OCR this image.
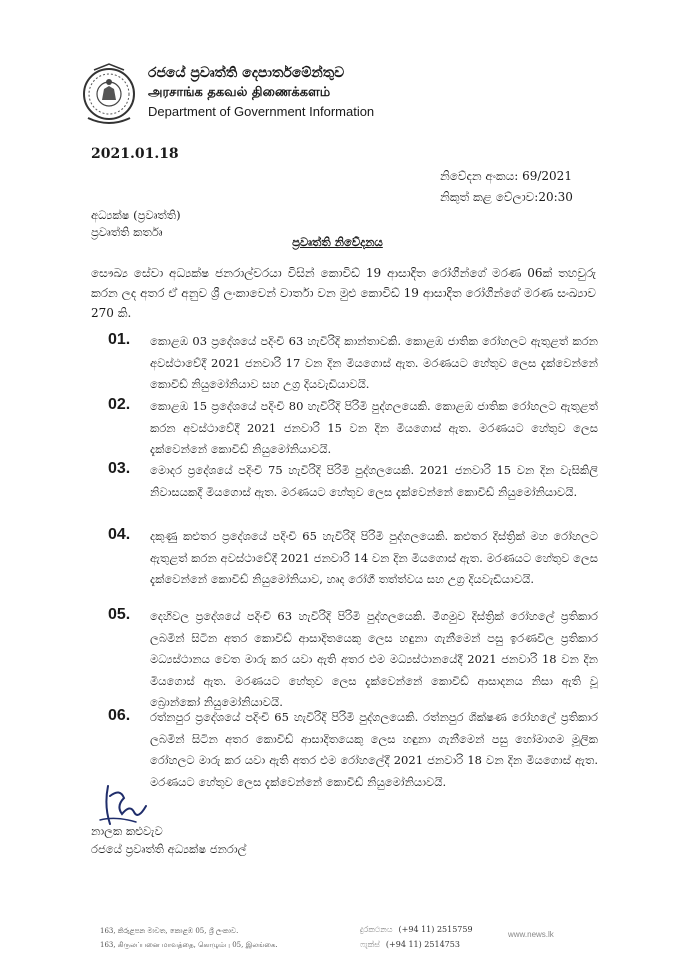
රජයේ ප්‍රවෘත්ති දෙපාර්තමේන්තුව
அரசாங்க தகவல் திணைக்களம்
Department of Government Information
2021.01.18
නිවේදන අංකය: 69/2021
නිකුත් කළ වේලාව:20:30
අධ්‍යක්ෂ (ප්‍රවෘත්ති)
ප්‍රවෘත්ති කර්තෘ
ප්‍රවෘත්ති නිවේදනය
සෞඛ්‍ය සේවා අධ්‍යක්ෂ ජනරාල්වරයා විසින් කොවිඩ් 19 ආසාදිත රෝගීන්ගේ මරණ 06ක් තහවුරු කරන ලද අතර ඒ අනුව ශ්‍රී ලංකාවෙන් වාර්තා වන මුළු කොවිඩ් 19 ආසාදිත රෝගීන්ගේ මරණ සංඛ්‍යාව 270 කි.
01. කොළඹ 03 ප්‍රදේශයේ පදිංචි 63 හැවිරිදි කාන්තාවකි. කොළඹ ජාතික රෝහලට ඇතුළත් කරන අවස්ථාවේදී 2021 ජනවාරි 17 වන දින මියගොස් ඇත. මරණයට හේතුව ලෙස දැක්වෙන්නේ කොවිඩ් නියුමෝනියාව සහ උග්‍ර දියවැඩියාවයි.
02. කොළඹ 15 ප්‍රදේශයේ පදිංචි 80 හැවිරිදි පිරිමි පුද්ගලයෙකි. කොළඹ ජාතික රෝහලට ඇතුළත් කරන අවස්ථාවේදී 2021 ජනවාරි 15 වන දින මියගොස් ඇත. මරණයට හේතුව ලෙස දැක්වෙන්නේ කොවිඩ් නියුමෝනියාවයි.
03. මොදර ප්‍රදේශයේ පදිංචි 75 හැවිරිදි පිරිමි පුද්ගලයෙකි. 2021 ජනවාරි 15 වන දින වැසිකිලි නිවාසයකදී මියගොස් ඇත. මරණයට හේතුව ලෙස දැක්වෙන්නේ කොවිඩ් නියුමෝනියාවයි.
04. දකුණු කළුතර ප්‍රදේශයේ පදිංචි 65 හැවිරිදි පිරිමි පුද්ගලයෙකි. කළුතර දිස්ත්‍රික් මහ රෝහලට ඇතුළත් කරන අවස්ථාවේදී 2021 ජනවාරි 14 වන දින මියගොස් ඇත. මරණයට හේතුව ලෙස දැක්වෙන්නේ කොවිඩ් නියුමෝනියාව, හෘද රෝගී තත්ත්වය සහ උග්‍ර දියවැඩියාවයි.
05. දෙහිවල ප්‍රදේශයේ පදිංචි 63 හැවිරිදි පිරිමි පුද්ගලයෙකි. මීගමුව දිස්ත්‍රික් රෝහලේ ප්‍රතිකාර ලබමින් සිටින අතර කොවිඩ් ආසාදිතයෙකු ලෙස හඳුනා ගැනීමෙන් පසු ඉරණවිල ප්‍රතිකාර මධ්‍යස්ථානය වෙත මාරු කර යවා ඇති අතර එම මධ්‍යස්ථානයේදී 2021 ජනවාරි 18 වන දින මියගොස් ඇත. මරණයට හේතුව ලෙස දැක්වෙන්නේ කොවිඩ් ආසාදනය නිසා ඇති වූ බ්‍රොන්කෝ නියුමෝනියාවයි.
06. රත්නපුර ප්‍රදේශයේ පදිංචි 65 හැවිරිදි පිරිමි පුද්ගලයෙකි. රත්නපුර ශික්ෂණ රෝහලේ ප්‍රතිකාර ලබමින් සිටින අතර කොවිඩ් ආසාදිතයෙකු ලෙස හඳුනා ගැනීමෙන් පසු හෝමාගම මූලික රෝහලට මාරු කර යවා ඇති අතර එම රෝහලේදී 2021 ජනවාරි 18 වන දින මියගොස් ඇත. මරණයට හේතුව ලෙස දැක්වෙන්නේ කොවිඩ් නියුමෝනියාවයි.
නාලක කළුවැව
රජයේ ප්‍රවෘත්ති අධ්‍යක්ෂ ජනරාල්
163, කිරුළපන මාවත, කොළඹ 05, ශ්‍රී ලංකාව.
163, கிருலப்பனை மாவத்தை, கொழும்பு 05, இலங்கை.
දුරකථනය (+94 11) 2515759
ෆැක්ස් (+94 11) 2514753
www.news.lk
